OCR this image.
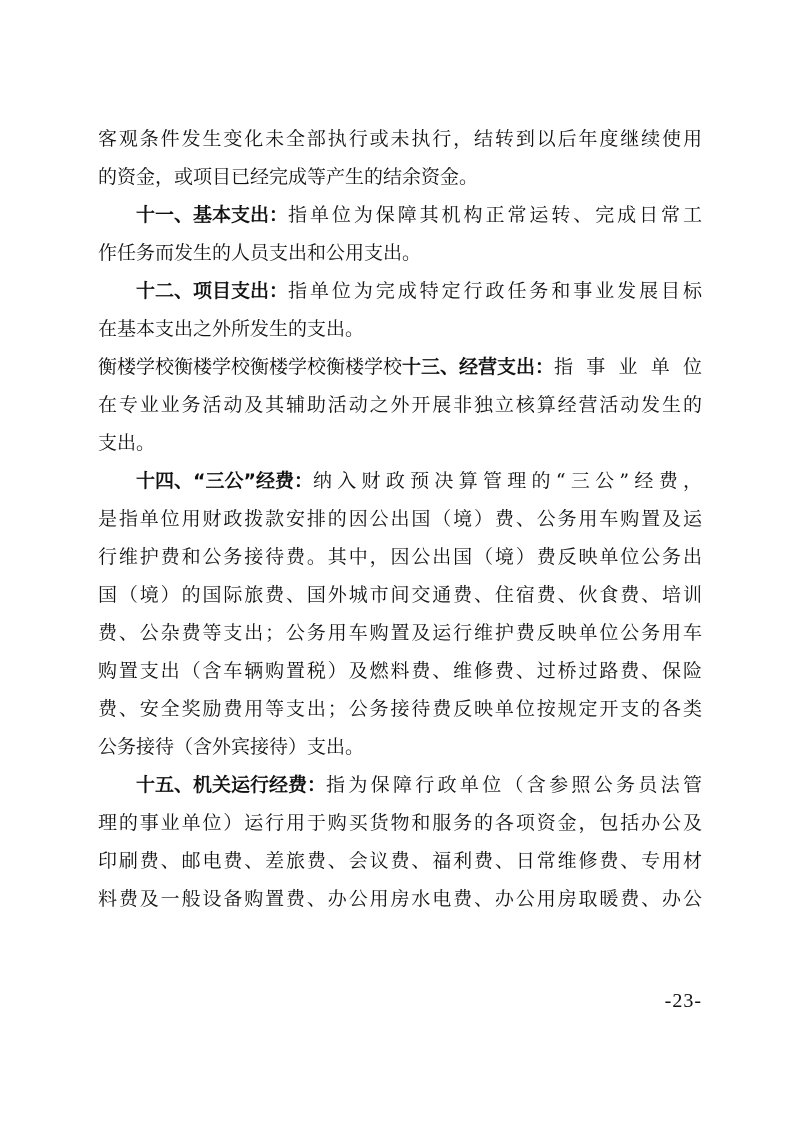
客 观 条 件 发 生 变 化 未 全 部 执 行 或 未 执 行 ， 结 转 到 以 后 年 度 继 续 使 用
的资金，或项目已经完成等产生的结余资金。
十一、基本支出： 指单位为保障其机构正常运转、完成日常工
作任务而发生的人员支出和公用支出。
十二、项目支出： 指单位为完成特定行政任务和事业发展目标
在基本支出之外所发生的支出。
衡楼学校衡楼学校衡楼学校衡楼学校 十三、经营支出： 指事业单位
在 专 业 业 务 活 动 及 其 辅 助 活 动 之 外 开 展 非 独 立 核 算 经 营 活 动 发 生 的
支出。
十四、“三公”经费： 纳入财政预决算管理的“三公”经费，
是 指 单 位 用 财 政 拨 款 安 排 的 因 公 出 国 （ 境 ） 费 、 公 务 用 车 购 置 及 运
行 维 护 费 和 公 务 接 待 费 。 其 中 ， 因 公 出 国 （ 境 ） 费 反 映 单 位 公 务 出
国 （ 境 ） 的 国 际 旅 费 、 国 外 城 市 间 交 通 费 、 住 宿 费 、 伙 食 费 、 培 训
费 、 公 杂 费 等 支 出 ； 公 务 用 车 购 置 及 运 行 维 护 费 反 映 单 位 公 务 用 车
购 置 支 出 （ 含 车 辆 购 置 税 ） 及 燃 料 费 、 维 修 费 、 过 桥 过 路 费 、 保 险
费 、 安 全 奖 励 费 用 等 支 出 ； 公 务 接 待 费 反 映 单 位 按 规 定 开 支 的 各 类
公务接待（含外宾接待）支出。
十五、机关运行经费： 指为保障行政单位（含参照公务员法管
理 的 事 业 单 位 ） 运 行 用 于 购 买 货 物 和 服 务 的 各 项 资 金 ， 包 括 办 公 及
印 刷 费 、 邮 电 费 、 差 旅 费 、 会 议 费 、 福 利 费 、 日 常 维 修 费 、 专 用 材
料 费 及 一 般 设 备 购 置 费 、 办 公 用 房 水 电 费 、 办 公 用 房 取 暖 费 、 办 公
-23-
